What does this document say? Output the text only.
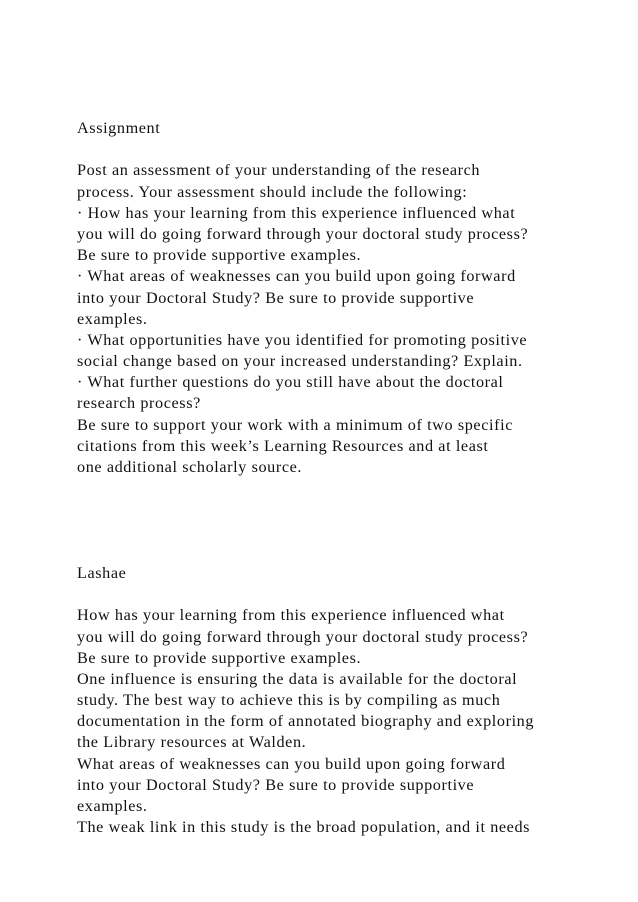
Assignment
Post an assessment of your understanding of the research
process. Your assessment should include the following:
· How has your learning from this experience influenced what
you will do going forward through your doctoral study process?
Be sure to provide supportive examples.
· What areas of weaknesses can you build upon going forward
into your Doctoral Study? Be sure to provide supportive
examples.
· What opportunities have you identified for promoting positive
social change based on your increased understanding? Explain.
· What further questions do you still have about the doctoral
research process?
Be sure to support your work with a minimum of two specific
citations from this week’s Learning Resources and at least
one additional scholarly source.
Lashae
How has your learning from this experience influenced what
you will do going forward through your doctoral study process?
Be sure to provide supportive examples.
One influence is ensuring the data is available for the doctoral
study. The best way to achieve this is by compiling as much
documentation in the form of annotated biography and exploring
the Library resources at Walden.
What areas of weaknesses can you build upon going forward
into your Doctoral Study? Be sure to provide supportive
examples.
The weak link in this study is the broad population, and it needs
